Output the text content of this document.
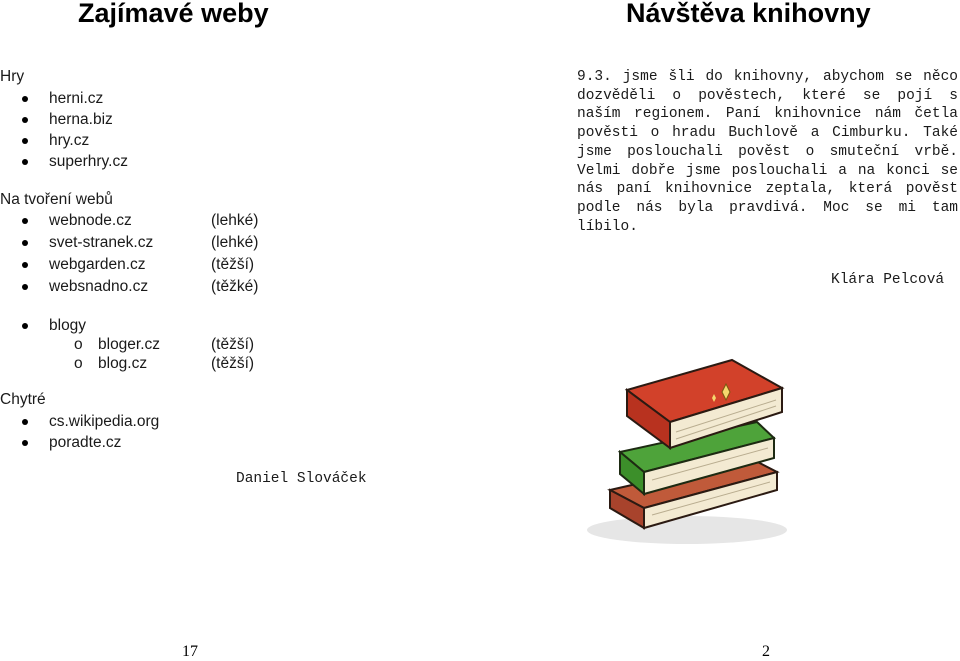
Zajímavé weby
Hry
herni.cz
herna.biz
hry.cz
superhry.cz
Na tvoření webů
webnode.cz	(lehké)
svet-stranek.cz	(lehké)
webgarden.cz	(těžší)
websnadno.cz	(těžké)
blogy
o bloger.cz	(těžší)
o blog.cz	(těžší)
Chytré
cs.wikipedia.org
poradte.cz
Daniel Slováček
17
Návštěva knihovny
9.3. jsme šli do knihovny, abychom se něco dozvěděli o pověstech, které se pojí s naším regionem. Paní knihovnice nám četla pověsti o hradu Buchlově a Cimburku. Také jsme poslouchali pověst o smuteční vrbě. Velmi dobře jsme poslouchali a na konci se nás paní knihovnice zeptala, která pověst podle nás byla pravdivá. Moc se mi tam líbilo.
Klára Pelcová
2
